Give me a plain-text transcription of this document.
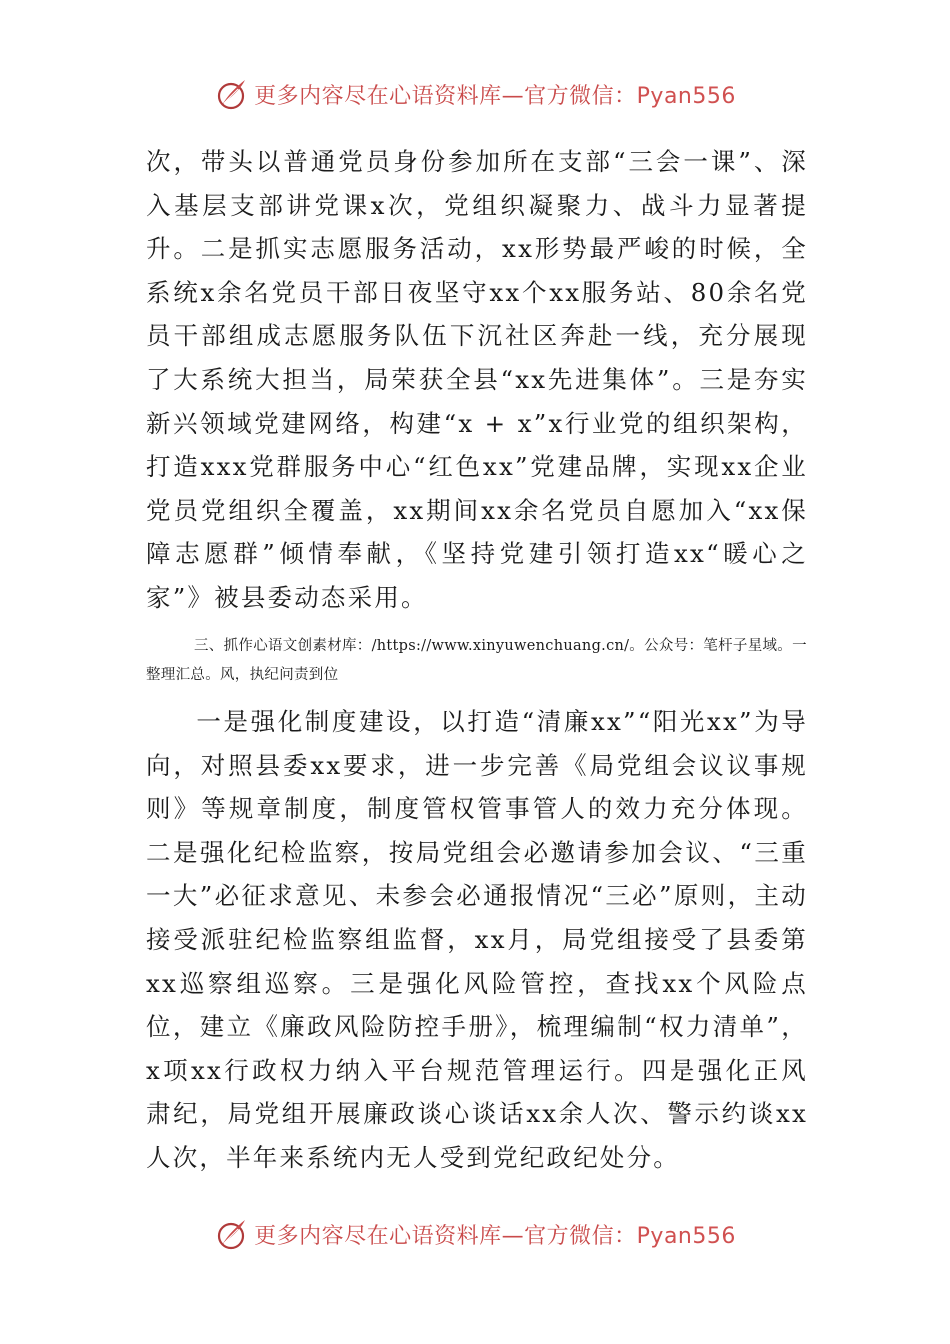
更多内容尽在心语资料库—官方微信：Pyan556

次，带头以普通党员身份参加所在支部“三会一课”、深入基层支部讲党课x次，党组织凝聚力、战斗力显著提升。二是抓实志愿服务活动，xx形势最严峻的时候，全系统x余名党员干部日夜坚守xx个xx服务站、80余名党员干部组成志愿服务队伍下沉社区奔赴一线，充分展现了大系统大担当，局荣获全县“xx先进集体”。三是夯实新兴领域党建网络，构建“x + x”x行业党的组织架构，打造xxx党群服务中心“红色xx”党建品牌，实现xx企业党员党组织全覆盖，xx期间xx余名党员自愿加入“xx保障志愿群”倾情奉献，《坚持党建引领打造xx“暖心之家”》被县委动态采用。

三、抓作心语文创素材库：/https://www.xinyuwenchuang.cn/。公众号：笔杆子星域。一整理汇总。风，执纪问责到位

一是强化制度建设，以打造“清廉xx”“阳光xx”为导向，对照县委xx要求，进一步完善《局党组会议议事规则》等规章制度，制度管权管事管人的效力充分体现。二是强化纪检监察，按局党组会必邀请参加会议、“三重一大”必征求意见、未参会必通报情况“三必”原则，主动接受派驻纪检监察组监督，xx月，局党组接受了县委第xx巡察组巡察。三是强化风险管控，查找xx个风险点位，建立《廉政风险防控手册》，梳理编制“权力清单”，x项xx行政权力纳入平台规范管理运行。四是强化正风肃纪，局党组开展廉政谈心谈话xx余人次、警示约谈xx人次，半年来系统内无人受到党纪政纪处分。

更多内容尽在心语资料库—官方微信：Pyan556
